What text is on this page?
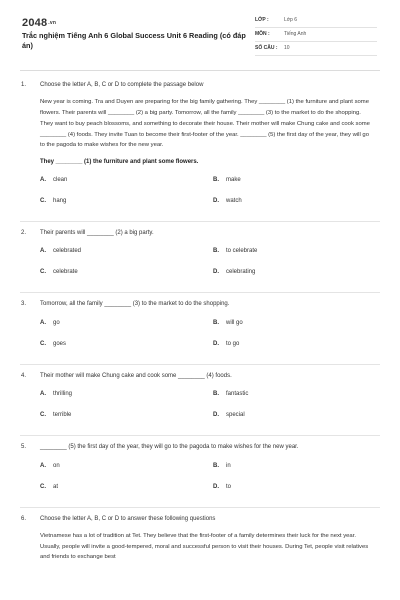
2048.vn
Trắc nghiệm Tiếng Anh 6 Global Success Unit 6 Reading (có đáp án)
LỚP :	Lớp 6
MÔN :	Tiếng Anh
SỐ CÂU : 10
1. Choose the letter A, B, C or D to complete the passage below
New year is coming. Tra and Duyen are preparing for the big family gathering. They ________ (1) the furniture and plant some flowers. Their parents will ________ (2) a big party. Tomorrow, all the family ________ (3) to the market to do the shopping. They want to buy peach blossoms, and something to decorate their house. Their mother will make Chung cake and cook some ________ (4) foods. They invite Tuan to become their first-footer of the year. ________ (5) the first day of the year, they will go to the pagoda to make wishes for the new year.
They ________ (1) the furniture and plant some flowers.
A. clean	B. make
C. hang	D. watch
2. Their parents will ________ (2) a big party.
A. celebrated	B. to celebrate
C. celebrate	D. celebrating
3. Tomorrow, all the family ________ (3) to the market to do the shopping.
A. go	B. will go
C. goes	D. to go
4. Their mother will make Chung cake and cook some ________ (4) foods.
A. thrilling	B. fantastic
C. terrible	D. special
5. ________ (5) the first day of the year, they will go to the pagoda to make wishes for the new year.
A. on	B. in
C. at	D. to
6. Choose the letter A, B, C or D to answer these following questions
Vietnamese has a lot of tradition at Tet. They believe that the first-footer of a family determines their luck for the next year. Usually, people will invite a good-tempered, moral and successful person to visit their houses. During Tet, people visit relatives and friends to exchange best
